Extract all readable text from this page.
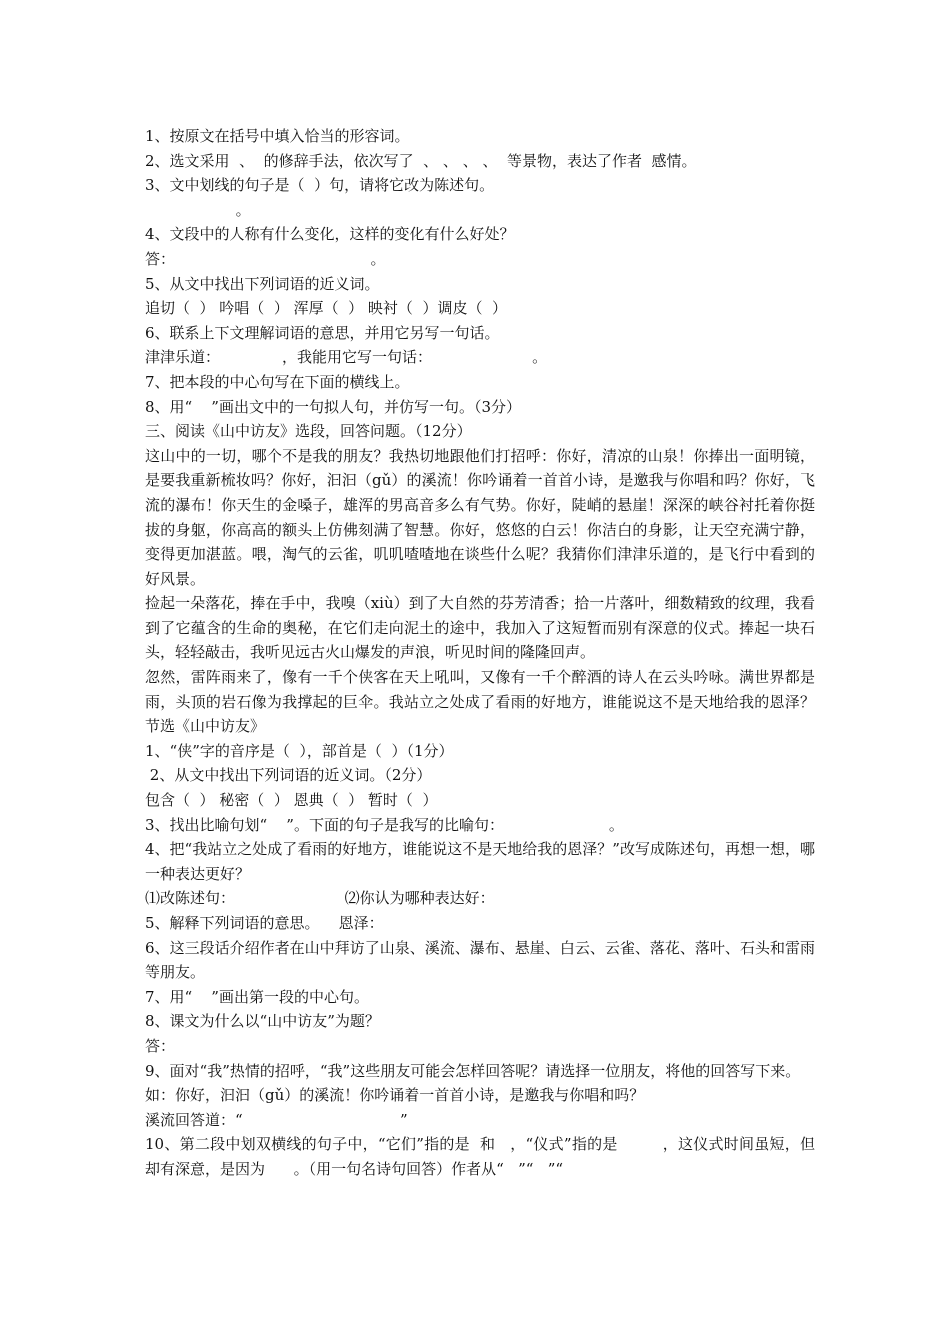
1、按原文在括号中填入恰当的形容词。

2、选文采用  、  的修辞手法，依次写了  、 、 、 、  等景物，表达了作者  感情。

3、文中划线的句子是（  ）句，请将它改为陈述句。

。

4、文段中的人称有什么变化，这样的变化有什么好处？

答：                                         。

5、从文中找出下列词语的近义词。

追切（  ） 吟唱（  ） 浑厚（  ） 映衬（  ）调皮（  ）

6、联系上下文理解词语的意思，并用它另写一句话。

津津乐道：             ，我能用它写一句话：                     。

7、把本段的中心句写在下面的横线上。

8、用“    ”画出文中的一句拟人句，并仿写一句。（3分）

三、阅读《山中访友》选段，回答问题。（12分）

这山中的一切，哪个不是我的朋友？我热切地跟他们打招呼：你好，清凉的山泉！你捧出一面明镜，是要我重新梳妆吗？你好，汩汩（gǔ）的溪流！你吟诵着一首首小诗，是邀我与你唱和吗？你好，飞流的瀑布！你天生的金嗓子，雄浑的男高音多么有气势。你好，陡峭的悬崖！深深的峡谷衬托着你挺拔的身躯，你高高的额头上仿佛刻满了智慧。你好，悠悠的白云！你洁白的身影，让天空充满宁静，变得更加湛蓝。喂，淘气的云雀，叽叽喳喳地在谈些什么呢？我猜你们津津乐道的，是飞行中看到的好风景。

捡起一朵落花，捧在手中，我嗅（xiù）到了大自然的芬芳清香；拾一片落叶，细数精致的纹理，我看到了它蕴含的生命的奥秘，在它们走向泥土的途中，我加入了这短暂而别有深意的仪式。捧起一块石头，轻轻敲击，我听见远古火山爆发的声浪，听见时间的隆隆回声。

忽然，雷阵雨来了，像有一千个侠客在天上吼叫，又像有一千个醉酒的诗人在云头吟咏。满世界都是雨，头顶的岩石像为我撑起的巨伞。我站立之处成了看雨的好地方，谁能说这不是天地给我的恩泽？节选《山中访友》

1、“侠”字的音序是（  ），部首是（  ）（1分）

2、从文中找出下列词语的近义词。（2分）

包含（  ） 秘密（  ） 恩典（  ） 暂时（  ）

3、找出比喻句划“    ”。下面的句子是我写的比喻句：                      。

4、把“我站立之处成了看雨的好地方，谁能说这不是天地给我的恩泽？”改写成陈述句，再想一想，哪一种表达更好？

⑴改陈述句：                       ⑵你认为哪种表达好：

5、解释下列词语的意思。    恩泽：

6、这三段话介绍作者在山中拜访了山泉、溪流、瀑布、悬崖、白云、云雀、落花、落叶、石头和雷雨等朋友。

7、用“    ”画出第一段的中心句。

8、课文为什么以“山中访友”为题？

答：

9、面对“我”热情的招呼，“我”这些朋友可能会怎样回答呢？请选择一位朋友，将他的回答写下来。

如：你好，汩汩（gǔ）的溪流！你吟诵着一首首小诗，是邀我与你唱和吗？

溪流回答道：“                                 ”

10、第二段中划双横线的句子中，“它们”指的是  和   ，“仪式”指的是         ，这仪式时间虽短，但却有深意，是因为      。（用一句名诗句回答）作者从“   ”“   ”“
